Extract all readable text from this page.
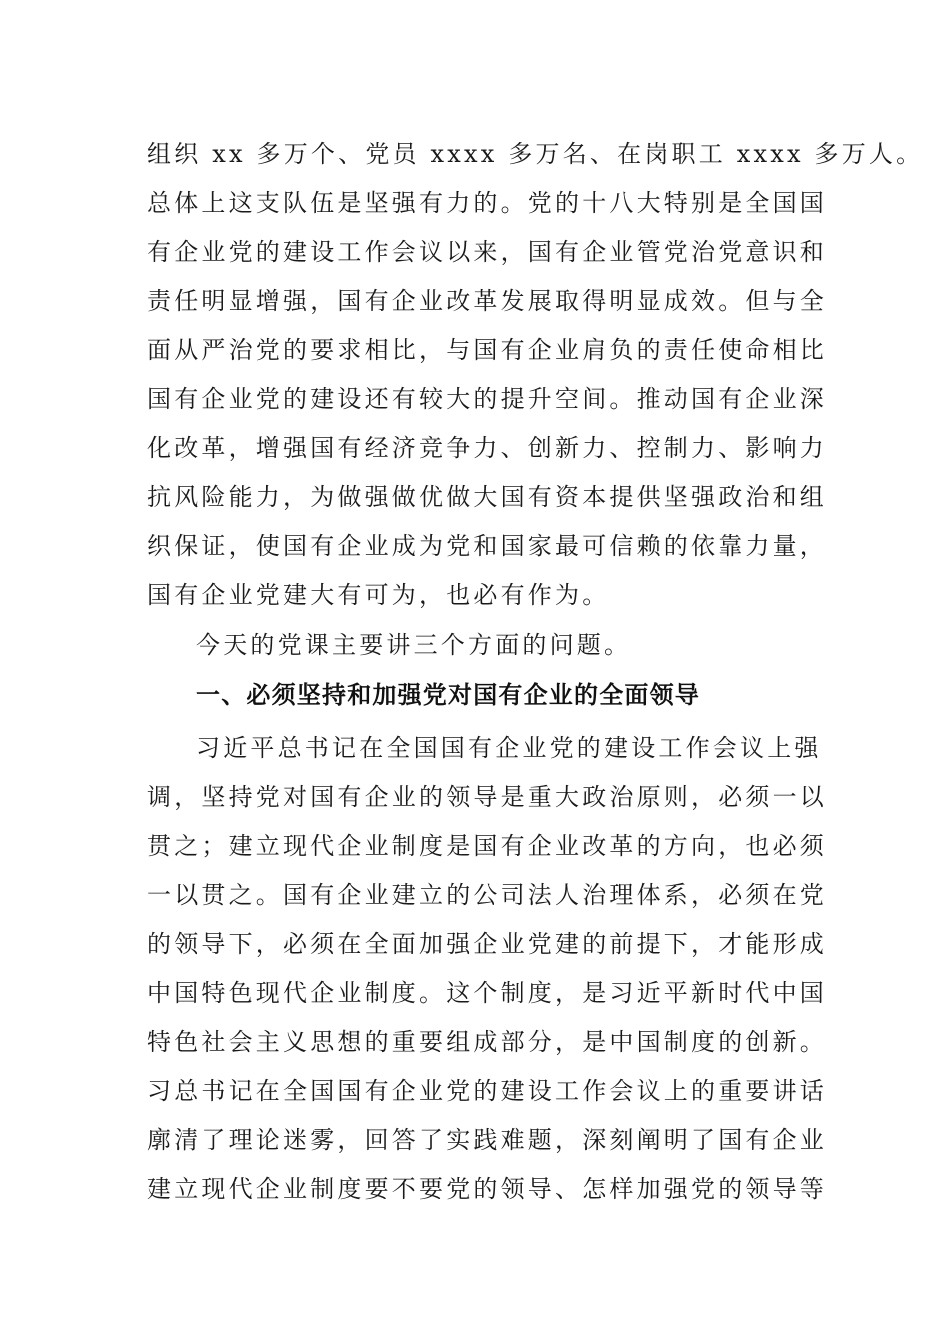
组织 xx 多万个、党员 xxxx 多万名、在岗职工 xxxx 多万人。
总体上这支队伍是坚强有力的。党的十八大特别是全国国
有企业党的建设工作会议以来，国有企业管党治党意识和
责任明显增强，国有企业改革发展取得明显成效。但与全
面从严治党的要求相比，与国有企业肩负的责任使命相比
国有企业党的建设还有较大的提升空间。推动国有企业深
化改革，增强国有经济竞争力、创新力、控制力、影响力
抗风险能力，为做强做优做大国有资本提供坚强政治和组
织保证，使国有企业成为党和国家最可信赖的依靠力量，
国有企业党建大有可为，也必有作为。
今天的党课主要讲三个方面的问题。
一、必须坚持和加强党对国有企业的全面领导
习近平总书记在全国国有企业党的建设工作会议上强
调，坚持党对国有企业的领导是重大政治原则，必须一以
贯之；建立现代企业制度是国有企业改革的方向，也必须
一以贯之。国有企业建立的公司法人治理体系，必须在党
的领导下，必须在全面加强企业党建的前提下，才能形成
中国特色现代企业制度。这个制度，是习近平新时代中国
特色社会主义思想的重要组成部分，是中国制度的创新。
习总书记在全国国有企业党的建设工作会议上的重要讲话
廓清了理论迷雾，回答了实践难题，深刻阐明了国有企业
建立现代企业制度要不要党的领导、怎样加强党的领导等
